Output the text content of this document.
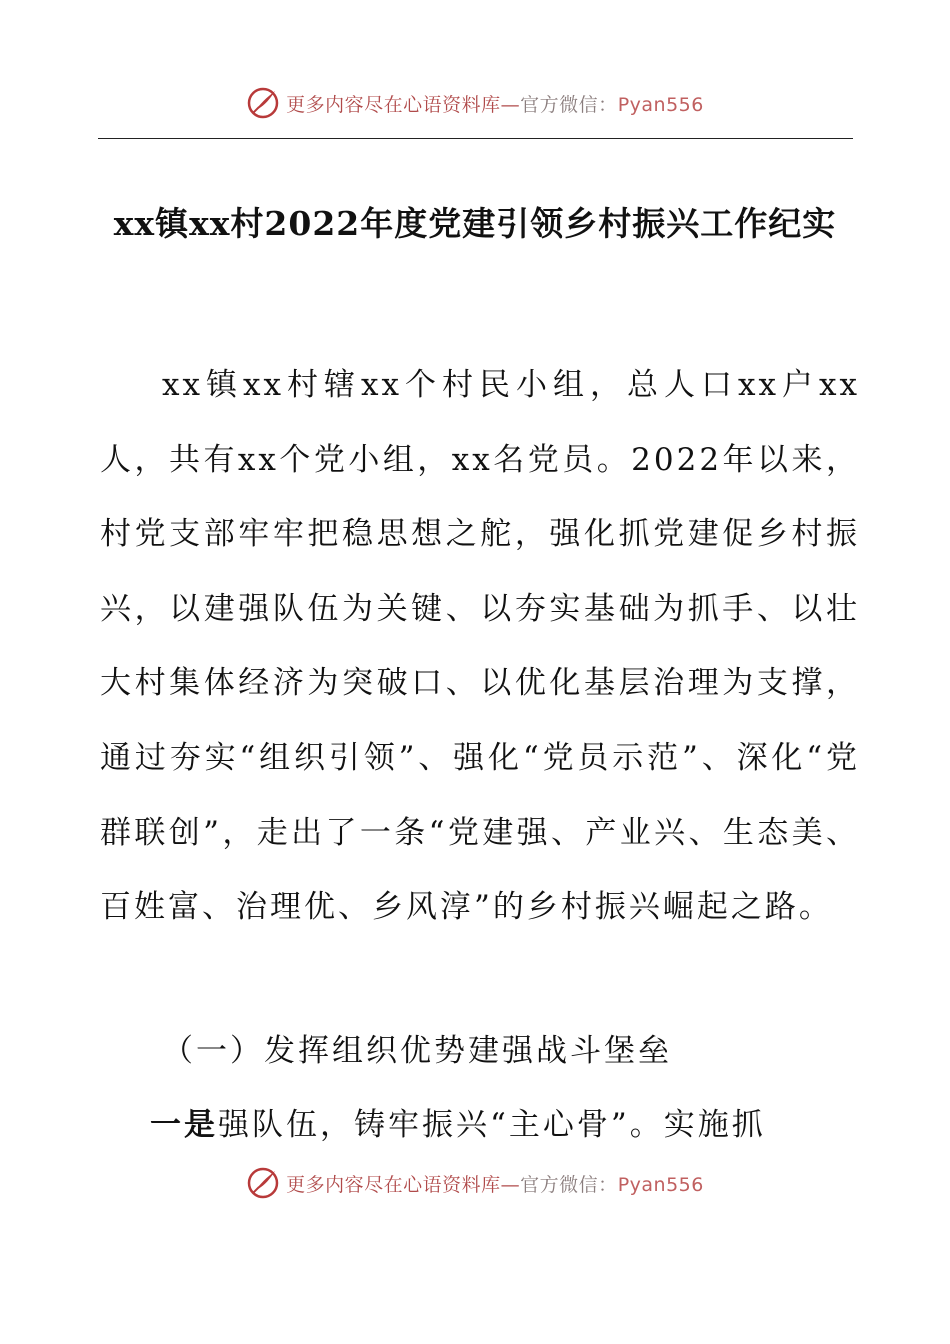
更多内容尽在心语资料库—官方微信：Pyan556
xx镇xx村2022年度党建引领乡村振兴工作纪实
xx镇xx村辖xx个村民小组，总人口xx户xx人，共有xx个党小组，xx名党员。2022年以来，村党支部牢牢把稳思想之舵，强化抓党建促乡村振兴，以建强队伍为关键、以夯实基础为抓手、以壮大村集体经济为突破口、以优化基层治理为支撑，通过夯实“组织引领”、强化“党员示范”、深化“党群联创”，走出了一条“党建强、产业兴、生态美、百姓富、治理优、乡风淳”的乡村振兴崛起之路。
（一）发挥组织优势建强战斗堡垒
一是强队伍，铸牢振兴“主心骨”。实施抓
更多内容尽在心语资料库—官方微信：Pyan556
